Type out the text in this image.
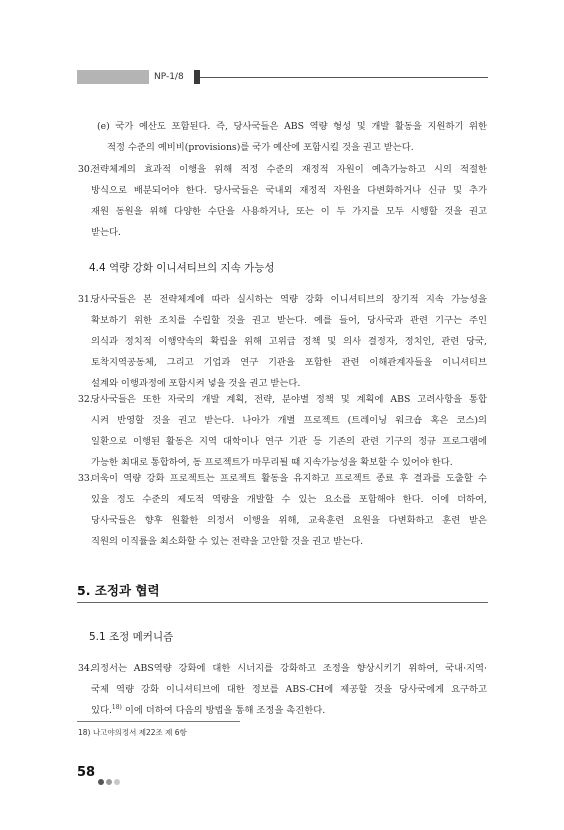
NP-1/8
(e) 국가 예산도 포함된다. 즉, 당사국들은 ABS 역량 형성 및 개발 활동을 지원하기 위한
적정 수준의 예비비(provisions)를 국가 예산에 포함시킬 것을 권고 받는다.
30.
전략체계의 효과적 이행을 위해 적정 수준의 재정적 자원이 예측가능하고 시의 적절한
방식으로 배분되어야 한다. 당사국들은 국내외 재정적 자원을 다변화하거나 신규 및 추가
재원 동원을 위해 다양한 수단을 사용하거나, 또는 이 두 가지를 모두 시행할 것을 권고
받는다.
4.4 역량 강화 이니셔티브의 지속 가능성
31.
당사국들은 본 전략체계에 따라 실시하는 역량 강화 이니셔티브의 장기적 지속 가능성을
확보하기 위한 조치를 수립할 것을 권고 받는다. 예를 들어, 당사국과 관련 기구는 주인
의식과 정치적 이행약속의 확립을 위해 고위급 정책 및 의사 결정자, 정치인, 관련 당국,
토착지역공동체, 그리고 기업과 연구 기관을 포함한 관련 이해관계자들을 이니셔티브
설계와 이행과정에 포함시켜 넣을 것을 권고 받는다.
32.
당사국들은 또한 자국의 개발 계획, 전략, 분야별 정책 및 계획에 ABS 고려사항을 통합
시켜 반영할 것을 권고 받는다. 나아가 개별 프로젝트 (트레이닝 워크숍 혹은 코스)의
일환으로 이행된 활동은 지역 대학이나 연구 기관 등 기존의 관련 기구의 정규 프로그램에
가능한 최대로 통합하여, 동 프로젝트가 마무리될 때 지속가능성을 확보할 수 있어야 한다.
33.
더욱이 역량 강화 프로젝트는 프로젝트 활동을 유지하고 프로젝트 종료 후 결과를 도출할 수
있을 정도 수준의 제도적 역량을 개발할 수 있는 요소를 포함해야 한다. 이에 더하여,
당사국들은 향후 원활한 의정서 이행을 위해, 교육훈련 요원을 다변화하고 훈련 받은
직원의 이직률을 최소화할 수 있는 전략을 고안할 것을 권고 받는다.
5. 조정과 협력
5.1 조정 메커니즘
34.
의정서는 ABS역량 강화에 대한 시너지를 강화하고 조정을 향상시키기 위하여, 국내·지역·
국제 역량 강화 이니셔티브에 대한 정보를 ABS-CH에 제공할 것을 당사국에게 요구하고
있다.$^{18)}$ 이에 더하여 다음의 방법을 통해 조정을 촉진한다.
18) 나고야의정서 제22조 제 6항
58
